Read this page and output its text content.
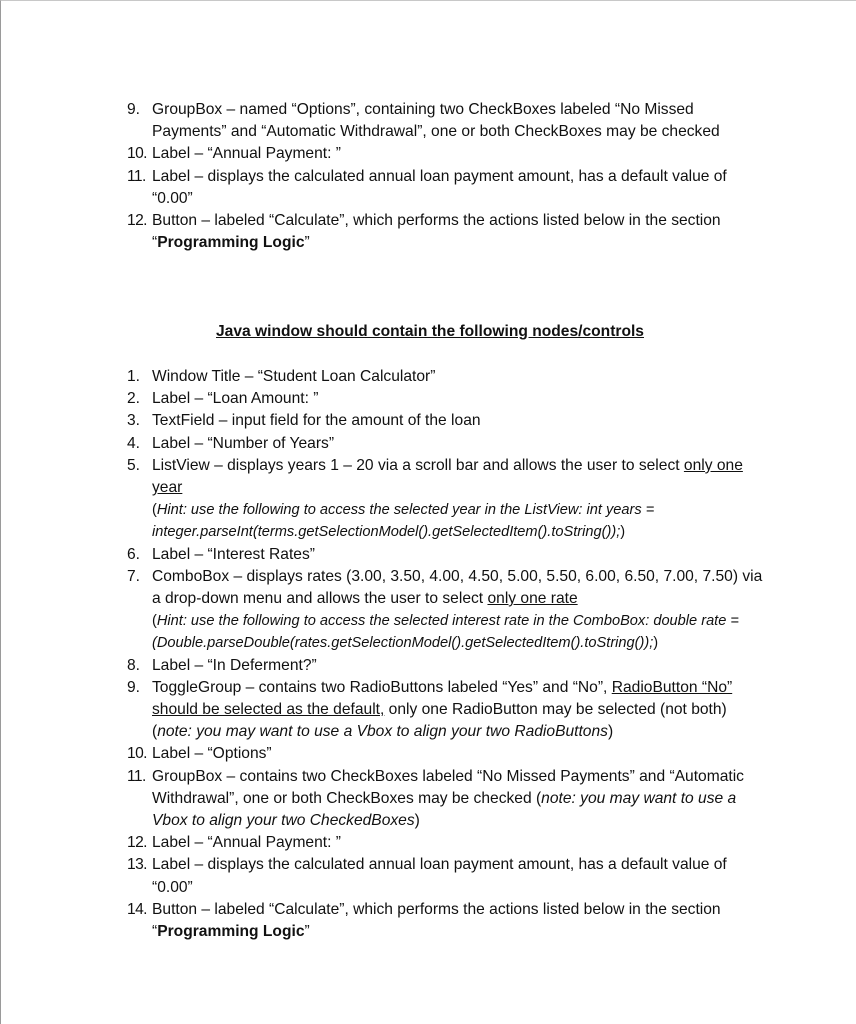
9. GroupBox – named “Options”, containing two CheckBoxes labeled “No Missed Payments” and “Automatic Withdrawal”, one or both CheckBoxes may be checked
10. Label – “Annual Payment: ”
11. Label – displays the calculated annual loan payment amount, has a default value of “0.00”
12. Button – labeled “Calculate”, which performs the actions listed below in the section “Programming Logic”
Java window should contain the following nodes/controls
1. Window Title – “Student Loan Calculator”
2. Label – “Loan Amount: ”
3. TextField – input field for the amount of the loan
4. Label – “Number of Years”
5. ListView – displays years 1 – 20 via a scroll bar and allows the user to select only one year
(Hint: use the following to access the selected year in the ListView: int years = integer.parseInt(terms.getSelectionModel().getSelectedItem().toString());)
6. Label – “Interest Rates”
7. ComboBox – displays rates (3.00, 3.50, 4.00, 4.50, 5.00, 5.50, 6.00, 6.50, 7.00, 7.50) via a drop-down menu and allows the user to select only one rate
(Hint: use the following to access the selected interest rate in the ComboBox: double rate = (Double.parseDouble(rates.getSelectionModel().getSelectedItem().toString());)
8. Label – “In Deferment?”
9. ToggleGroup – contains two RadioButtons labeled “Yes” and “No”, RadioButton “No” should be selected as the default, only one RadioButton may be selected (not both) (note: you may want to use a Vbox to align your two RadioButtons)
10. Label – “Options”
11. GroupBox – contains two CheckBoxes labeled “No Missed Payments” and “Automatic Withdrawal”, one or both CheckBoxes may be checked (note: you may want to use a Vbox to align your two CheckedBoxes)
12. Label – “Annual Payment: ”
13. Label – displays the calculated annual loan payment amount, has a default value of “0.00”
14. Button – labeled “Calculate”, which performs the actions listed below in the section “Programming Logic”
